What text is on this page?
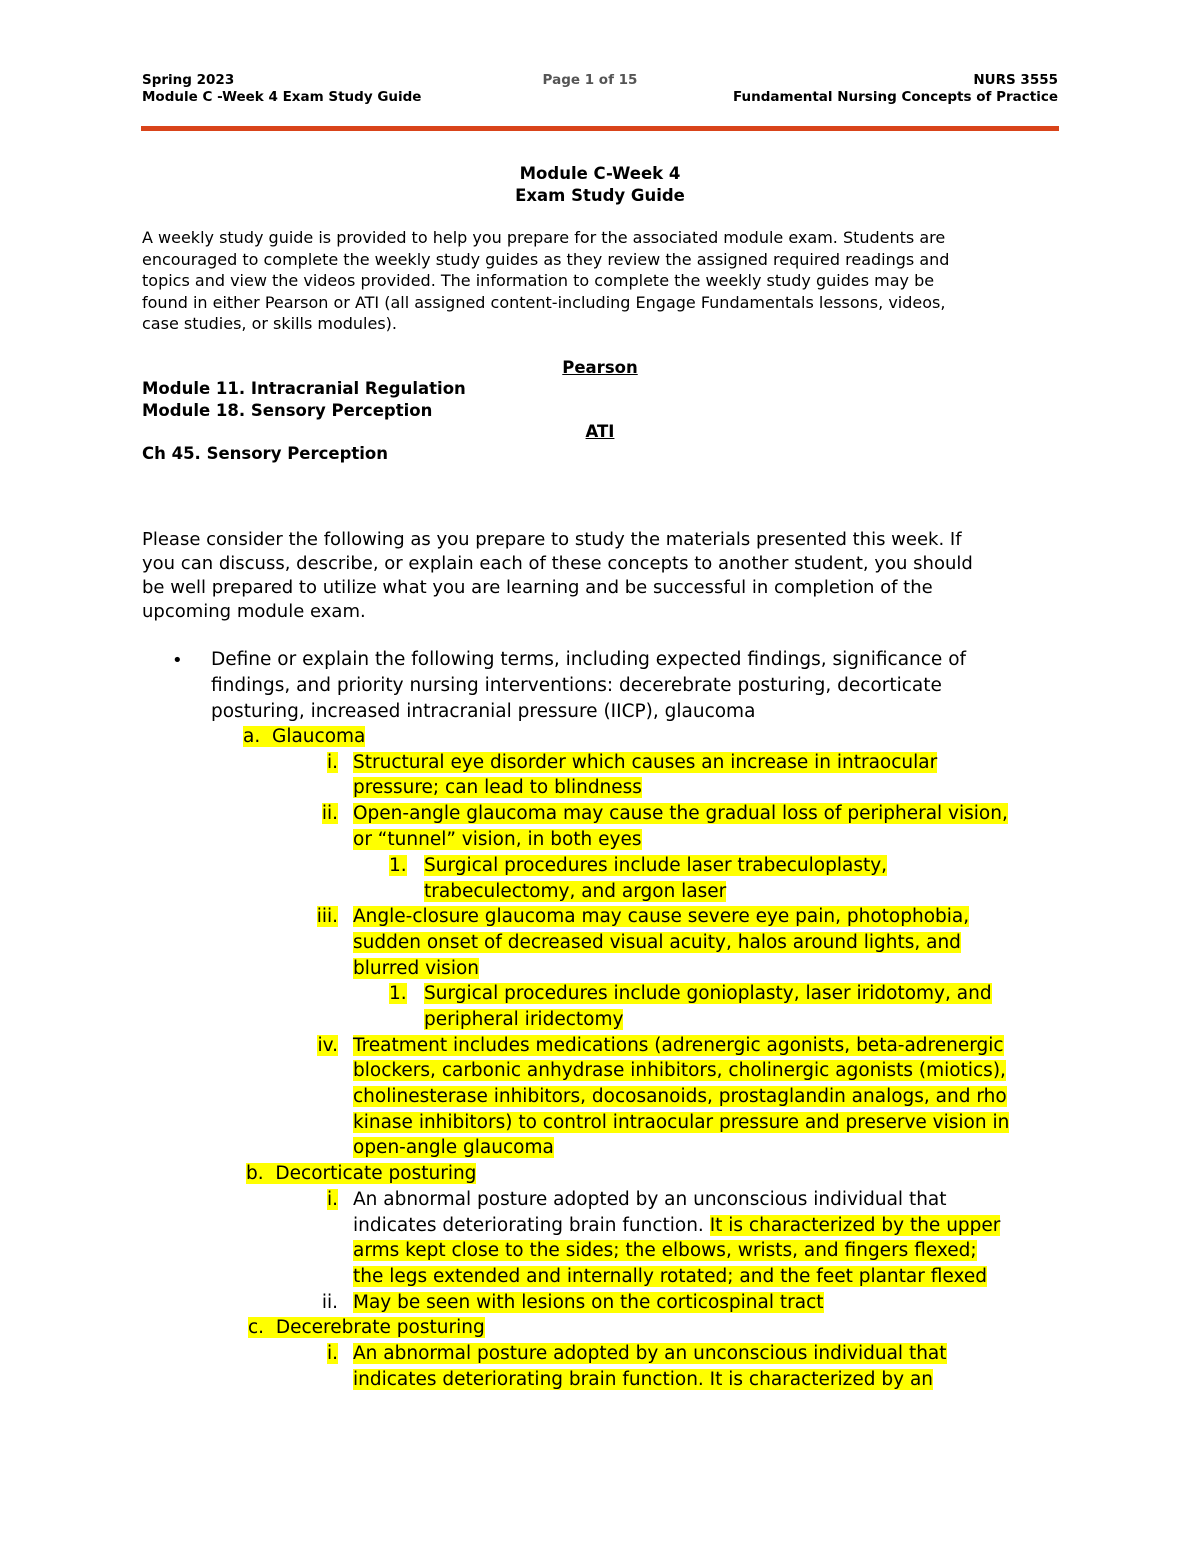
Spring 2023
Module C -Week 4 Exam Study Guide
Page 1 of 15	NURS 3555
Fundamental Nursing Concepts of Practice
Module C-Week 4
Exam Study Guide
A weekly study guide is provided to help you prepare for the associated module exam. Students are
encouraged to complete the weekly study guides as they review the assigned required readings and
topics and view the videos provided. The information to complete the weekly study guides may be
found in either Pearson or ATI (all assigned content-including Engage Fundamentals lessons, videos,
case studies, or skills modules).
Pearson
Module 11. Intracranial Regulation
Module 18. Sensory Perception
ATI
Ch 45. Sensory Perception
Please consider the following as you prepare to study the materials presented this week. If
you can discuss, describe, or explain each of these concepts to another student, you should
be well prepared to utilize what you are learning and be successful in completion of the
upcoming module exam.
• Define or explain the following terms, including expected findings, significance of
findings, and priority nursing interventions: decerebrate posturing, decorticate
posturing, increased intracranial pressure (IICP), glaucoma
a. Glaucoma
i. Structural eye disorder which causes an increase in intraocular
pressure; can lead to blindness
ii. Open-angle glaucoma may cause the gradual loss of peripheral vision,
or “tunnel” vision, in both eyes
1. Surgical procedures include laser trabeculoplasty,
trabeculectomy, and argon laser
iii. Angle-closure glaucoma may cause severe eye pain, photophobia,
sudden onset of decreased visual acuity, halos around lights, and
blurred vision
1. Surgical procedures include gonioplasty, laser iridotomy, and
peripheral iridectomy
iv. Treatment includes medications (adrenergic agonists, beta-adrenergic
blockers, carbonic anhydrase inhibitors, cholinergic agonists (miotics),
cholinesterase inhibitors, docosanoids, prostaglandin analogs, and rho
kinase inhibitors) to control intraocular pressure and preserve vision in
open-angle glaucoma
b. Decorticate posturing
i. An abnormal posture adopted by an unconscious individual that
indicates deteriorating brain function. It is characterized by the upper
arms kept close to the sides; the elbows, wrists, and fingers flexed;
the legs extended and internally rotated; and the feet plantar flexed
ii. May be seen with lesions on the corticospinal tract
c. Decerebrate posturing
i. An abnormal posture adopted by an unconscious individual that
indicates deteriorating brain function. It is characterized by an
